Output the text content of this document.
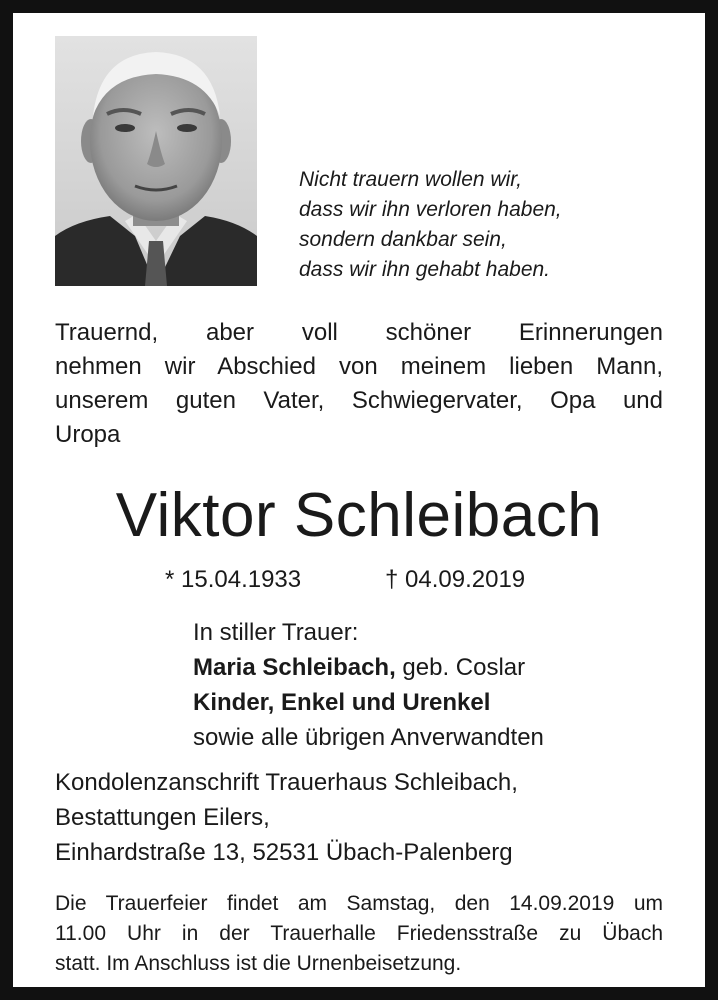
Nicht trauern wollen wir,
dass wir ihn verloren haben,
sondern dankbar sein,
dass wir ihn gehabt haben.
Trauernd, aber voll schöner Erinnerungen
nehmen wir Abschied von meinem lieben Mann,
unserem guten Vater, Schwiegervater, Opa und
Uropa
Viktor Schleibach
* 15.04.1933	† 04.09.2019
In stiller Trauer:
Maria Schleibach, geb. Coslar
Kinder, Enkel und Urenkel
sowie alle übrigen Anverwandten
Kondolenzanschrift Trauerhaus Schleibach,
Bestattungen Eilers,
Einhardstraße 13, 52531 Übach-Palenberg
Die Trauerfeier findet am Samstag, den 14.09.2019 um
11.00 Uhr in der Trauerhalle Friedensstraße zu Übach
statt. Im Anschluss ist die Urnenbeisetzung.
